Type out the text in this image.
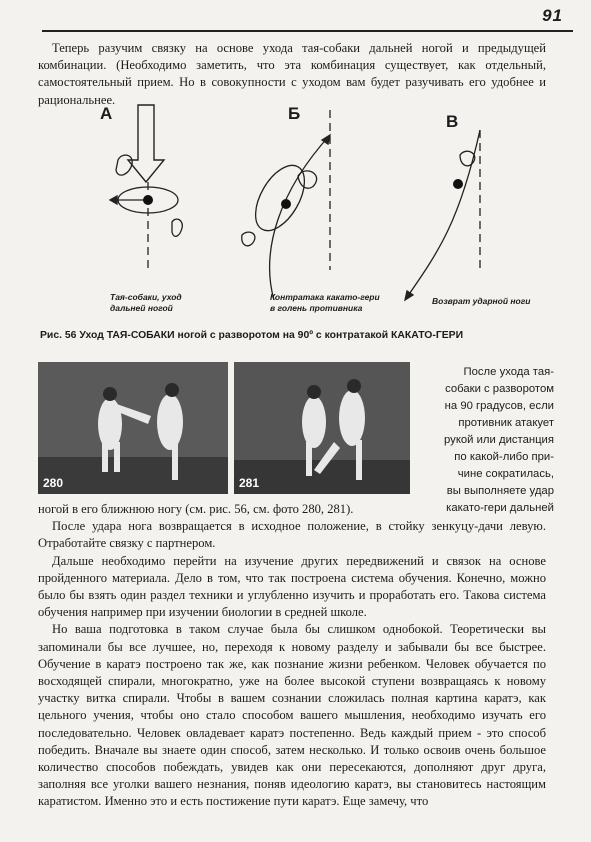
91

Теперь разучим связку на основе ухода тая-собаки дальней ногой и предыдущей комбинации. (Необходимо заметить, что эта комбинация существует, как отдельный, самостоятельный прием. Но в совокупности с уходом вам будет разучивать его удобнее и рациональнее.

А	Б	В
Тая-собаки, уход
дальней ногой
Контратака какато-гери
в голень противника
Возврат ударной ноги
Рис. 56 Уход ТАЯ-СОБАКИ ногой с разворотом на 90º с контратакой КАКАТО-ГЕРИ
280	281
После ухода тая-
собаки с разворотом
на 90 градусов, если
противник атакует
рукой или дистанция
по какой-либо при-
чине сократилась,
вы выполняете удар
какато-гери дальней

ногой в его ближнюю ногу (см. рис. 56, см. фото 280, 281).

После удара нога возвращается в исходное положение, в стойку зенкуцу-дачи левую. Отработайте связку с партнером.

Дальше необходимо перейти на изучение других передвижений и связок на основе пройденного материала. Дело в том, что так построена система обучения. Конечно, можно было бы взять один раздел техники и углубленно изучить и проработать его. Такова система обучения например при изучении биологии в средней школе.

Но ваша подготовка в таком случае была бы слишком однобокой. Теоретически вы запоминали бы все лучшее, но, переходя к новому разделу и забывали бы все быстрее. Обучение в каратэ построено так же, как познание жизни ребенком. Человек обучается по восходящей спирали, многократно, уже на более высокой ступени возвращаясь к новому участку витка спирали. Чтобы в вашем сознании сложилась полная картина каратэ, как цельного учения, чтобы оно стало способом вашего мышления, необходимо изучать его последовательно. Человек овладевает каратэ постепенно. Ведь каждый прием - это способ победить. Вначале вы знаете один способ, затем несколько. И только освоив очень большое количество способов побеждать, увидев как они пересекаются, дополняют друг друга, заполняя все уголки вашего незнания, поняв идеологию каратэ, вы становитесь настоящим каратистом. Именно это и есть постижение пути каратэ. Еще замечу, что
